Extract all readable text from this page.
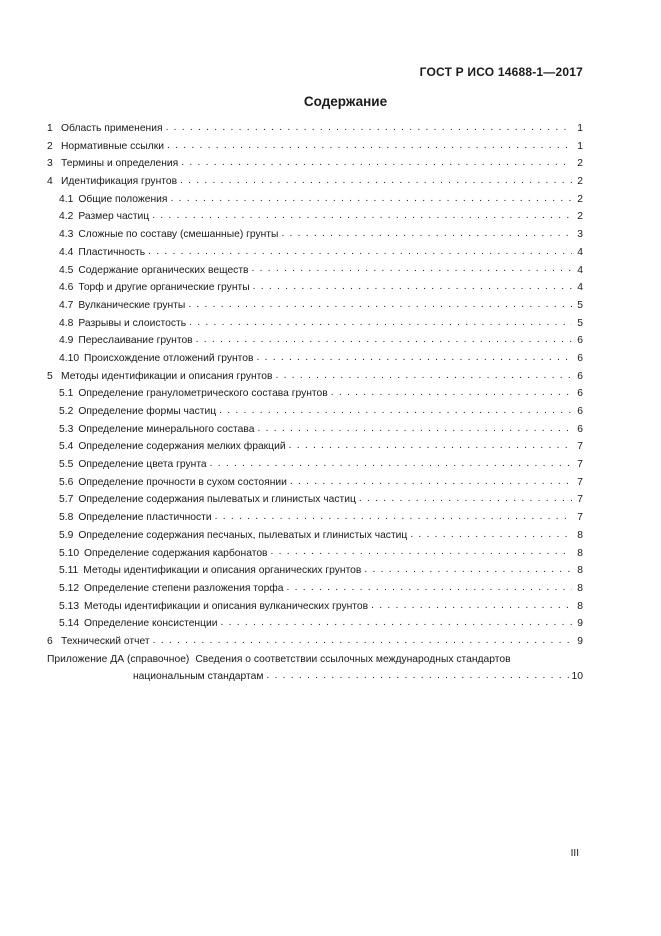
ГОСТ Р ИСО 14688-1—2017
Содержание
1 Область применения . . .	1
2 Нормативные ссылки . . .	1
3 Термины и определения . . .	2
4 Идентификация грунтов . . .	2
4.1 Общие положения . . .	2
4.2 Размер частиц . . .	2
4.3 Сложные по составу (смешанные) грунты . . .	3
4.4 Пластичность . . .	4
4.5 Содержание органических веществ . . .	4
4.6 Торф и другие органические грунты . . .	4
4.7 Вулканические грунты . . .	5
4.8 Разрывы и слоистость . . .	5
4.9 Переслаивание грунтов . . .	6
4.10 Происхождение отложений грунтов . . .	6
5 Методы идентификации и описания грунтов . . .	6
5.1 Определение гранулометрического состава грунтов . . .	6
5.2 Определение формы частиц . . .	6
5.3 Определение минерального состава . . .	6
5.4 Определение содержания мелких фракций . . .	7
5.5 Определение цвета грунта . . .	7
5.6 Определение прочности в сухом состоянии . . .	7
5.7 Определение содержания пылеватых и глинистых частиц . . .	7
5.8 Определение пластичности . . .	7
5.9 Определение содержания песчаных, пылеватых и глинистых частиц . . .	8
5.10 Определение содержания карбонатов . . .	8
5.11 Методы идентификации и описания органических грунтов . . .	8
5.12 Определение степени разложения торфа . . .	8
5.13 Методы идентификации и описания вулканических грунтов . . .	8
5.14 Определение консистенции . . .	9
6 Технический отчет . . .	9
Приложение ДА (справочное) Сведения о соответствии ссылочных международных стандартов
национальным стандартам . . .	10
III
